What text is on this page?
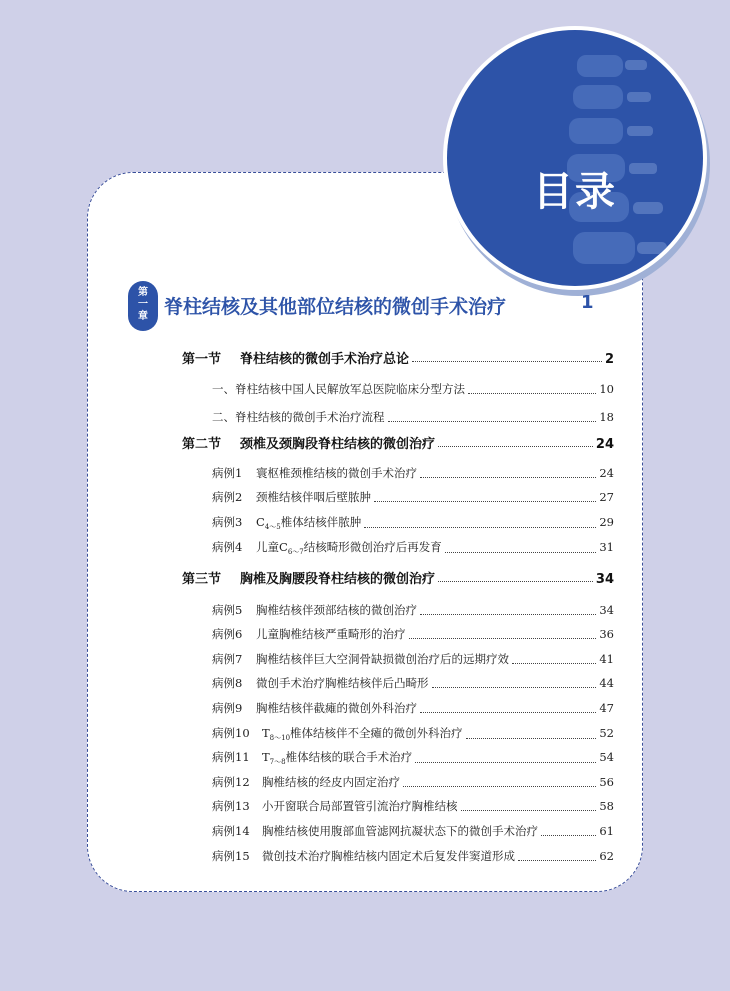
目录
第
一
章 脊柱结核及其他部位结核的微创手术治疗	1
第一节 脊柱结核的微创手术治疗总论	2
一、脊柱结核中国人民解放军总医院临床分型方法	10
二、脊柱结核的微创手术治疗流程	18
第二节 颈椎及颈胸段脊柱结核的微创治疗	24
病例1 寰枢椎颈椎结核的微创手术治疗	24
病例2 颈椎结核伴咽后壁脓肿	27
病例3 $C_{4\sim 5}$椎体结核伴脓肿	29
病例4 儿童$C_{6\sim 7}$结核畸形微创治疗后再发育	31
第三节 胸椎及胸腰段脊柱结核的微创治疗	34
病例5 胸椎结核伴颈部结核的微创治疗	34
病例6 儿童胸椎结核严重畸形的治疗	36
病例7 胸椎结核伴巨大空洞骨缺损微创治疗后的远期疗效	41
病例8 微创手术治疗胸椎结核伴后凸畸形	44
病例9 胸椎结核伴截瘫的微创外科治疗	47
病例10 $T_{8\sim 10}$椎体结核伴不全瘫的微创外科治疗	52
病例11 $T_{7\sim 8}$椎体结核的联合手术治疗	54
病例12 胸椎结核的经皮内固定治疗	56
病例13 小开窗联合局部置管引流治疗胸椎结核	58
病例14 胸椎结核使用腹部血管滤网抗凝状态下的微创手术治疗	61
病例15 微创技术治疗胸椎结核内固定术后复发伴窦道形成	62
